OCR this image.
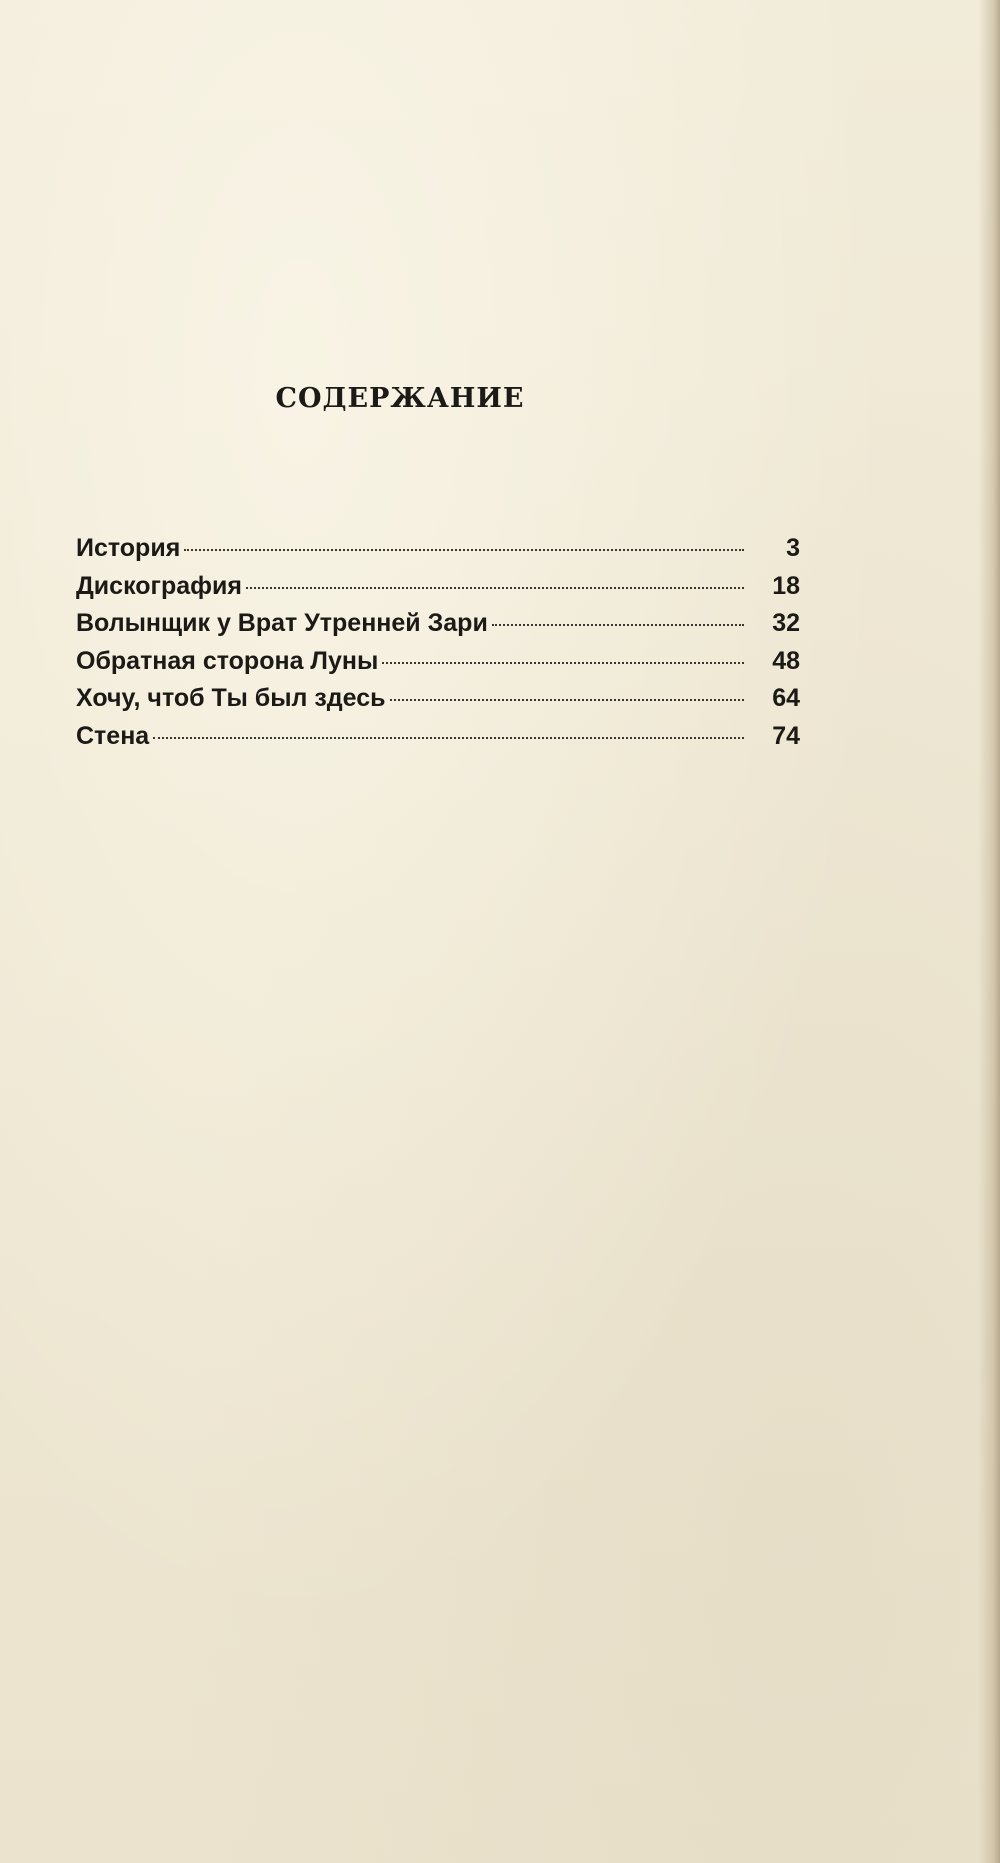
СОДЕРЖАНИЕ
История	3
Дискография	18
Волынщик у Врат Утренней Зари	32
Обратная сторона Луны	48
Хочу, чтоб Ты был здесь	64
Стена	74
